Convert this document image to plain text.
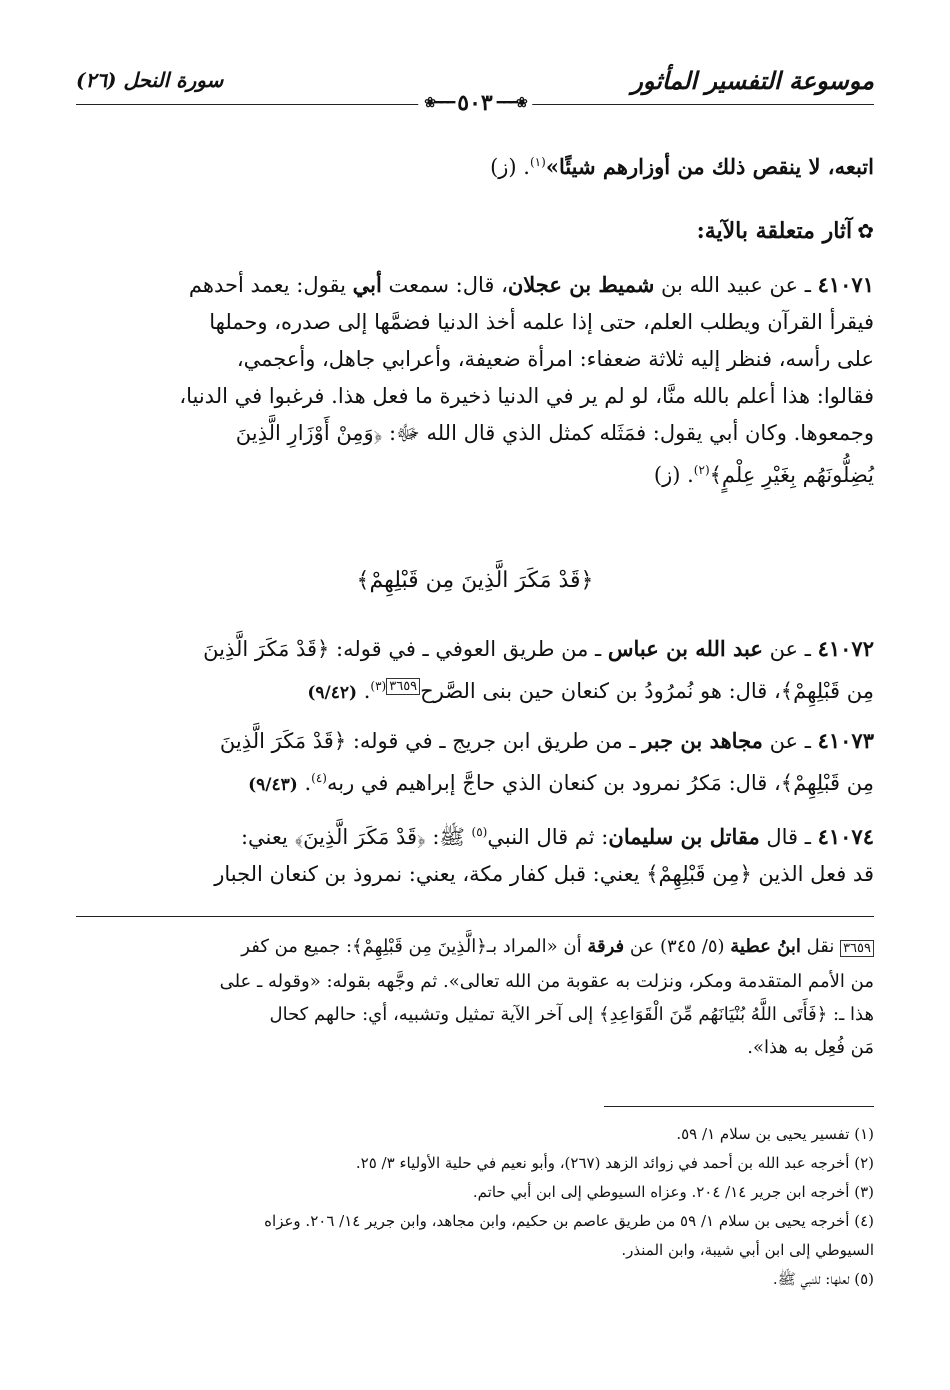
موسوعة التفسير المأثور
سورة النحل (٢٦)
❀━━━
٥٠٣
━━━❀
اتبعه، لا ينقص ذلك من أوزارهم شيئًا»$^{(١)}$. (ز)
✿ آثار متعلقة بالآية:
٤١٠٧١ ـ عن عبيد الله بن شميط بن عجلان، قال: سمعت أبي يقول: يعمد أحدهم
فيقرأ القرآن ويطلب العلم، حتى إذا علمه أخذ الدنيا فضمَّها إلى صدره، وحملها
على رأسه، فنظر إليه ثلاثة ضعفاء: امرأة ضعيفة، وأعرابي جاهل، وأعجمي،
فقالوا: هذا أعلم بالله منَّا، لو لم ير في الدنيا ذخيرة ما فعل هذا. فرغبوا في الدنيا،
وجمعوها. وكان أبي يقول: فمَثَله كمثل الذي قال الله ﷻ: ﴿وَمِنْ أَوْزَارِ الَّذِينَ
يُضِلُّونَهُم بِغَيْرِ عِلْمٍ﴾$^{(٢)}$. (ز)
﴿قَدْ مَكَرَ الَّذِينَ مِن قَبْلِهِمْ﴾
٤١٠٧٢ ـ عن عبد الله بن عباس ـ من طريق العوفي ـ في قوله: ﴿قَدْ مَكَرَ الَّذِينَ
مِن قَبْلِهِمْ﴾، قال: هو نُمرُودُ بن كنعان حين بنى الصَّرح$^{٣٦٥٩(٣)}$. (٩/٤٢)
٤١٠٧٣ ـ عن مجاهد بن جبر ـ من طريق ابن جريج ـ في قوله: ﴿قَدْ مَكَرَ الَّذِينَ
مِن قَبْلِهِمْ﴾، قال: مَكرُ نمرود بن كنعان الذي حاجَّ إبراهيم في ربه$^{(٤)}$. (٩/٤٣)
٤١٠٧٤ ـ قال مقاتل بن سليمان: ثم قال النبي$^{(٥)}$ ﷺ: ﴿قَدْ مَكَرَ الَّذِينَ﴾ يعني:
قد فعل الذين ﴿مِن قَبْلِهِمْ﴾ يعني: قبل كفار مكة، يعني: نمروذ بن كنعان الجبار
٣٦٥٩ نقل ابنُ عطية (٥/ ٣٤٥) عن فرقة أن «المراد بـ﴿الَّذِينَ مِن قَبْلِهِمْ﴾: جميع من كفر
من الأمم المتقدمة ومكر، ونزلت به عقوبة من الله تعالى». ثم وجَّهه بقوله: «وقوله ـ على
هذا ـ: ﴿فَأَتَى اللَّهُ بُنْيَانَهُم مِّنَ الْقَوَاعِدِ﴾ إلى آخر الآية تمثيل وتشبيه، أي: حالهم كحال
مَن فُعِل به هذا».
(١) تفسير يحيى بن سلام ١/ ٥٩.
(٢) أخرجه عبد الله بن أحمد في زوائد الزهد (٢٦٧)، وأبو نعيم في حلية الأولياء ٣/ ٢٥.
(٣) أخرجه ابن جرير ١٤/ ٢٠٤. وعزاه السيوطي إلى ابن أبي حاتم.
(٤) أخرجه يحيى بن سلام ١/ ٥٩ من طريق عاصم بن حكيم، وابن مجاهد، وابن جرير ١٤/ ٢٠٦. وعزاه
السيوطي إلى ابن أبي شيبة، وابن المنذر.
(٥) لعلها: للنبي ﷺ.
